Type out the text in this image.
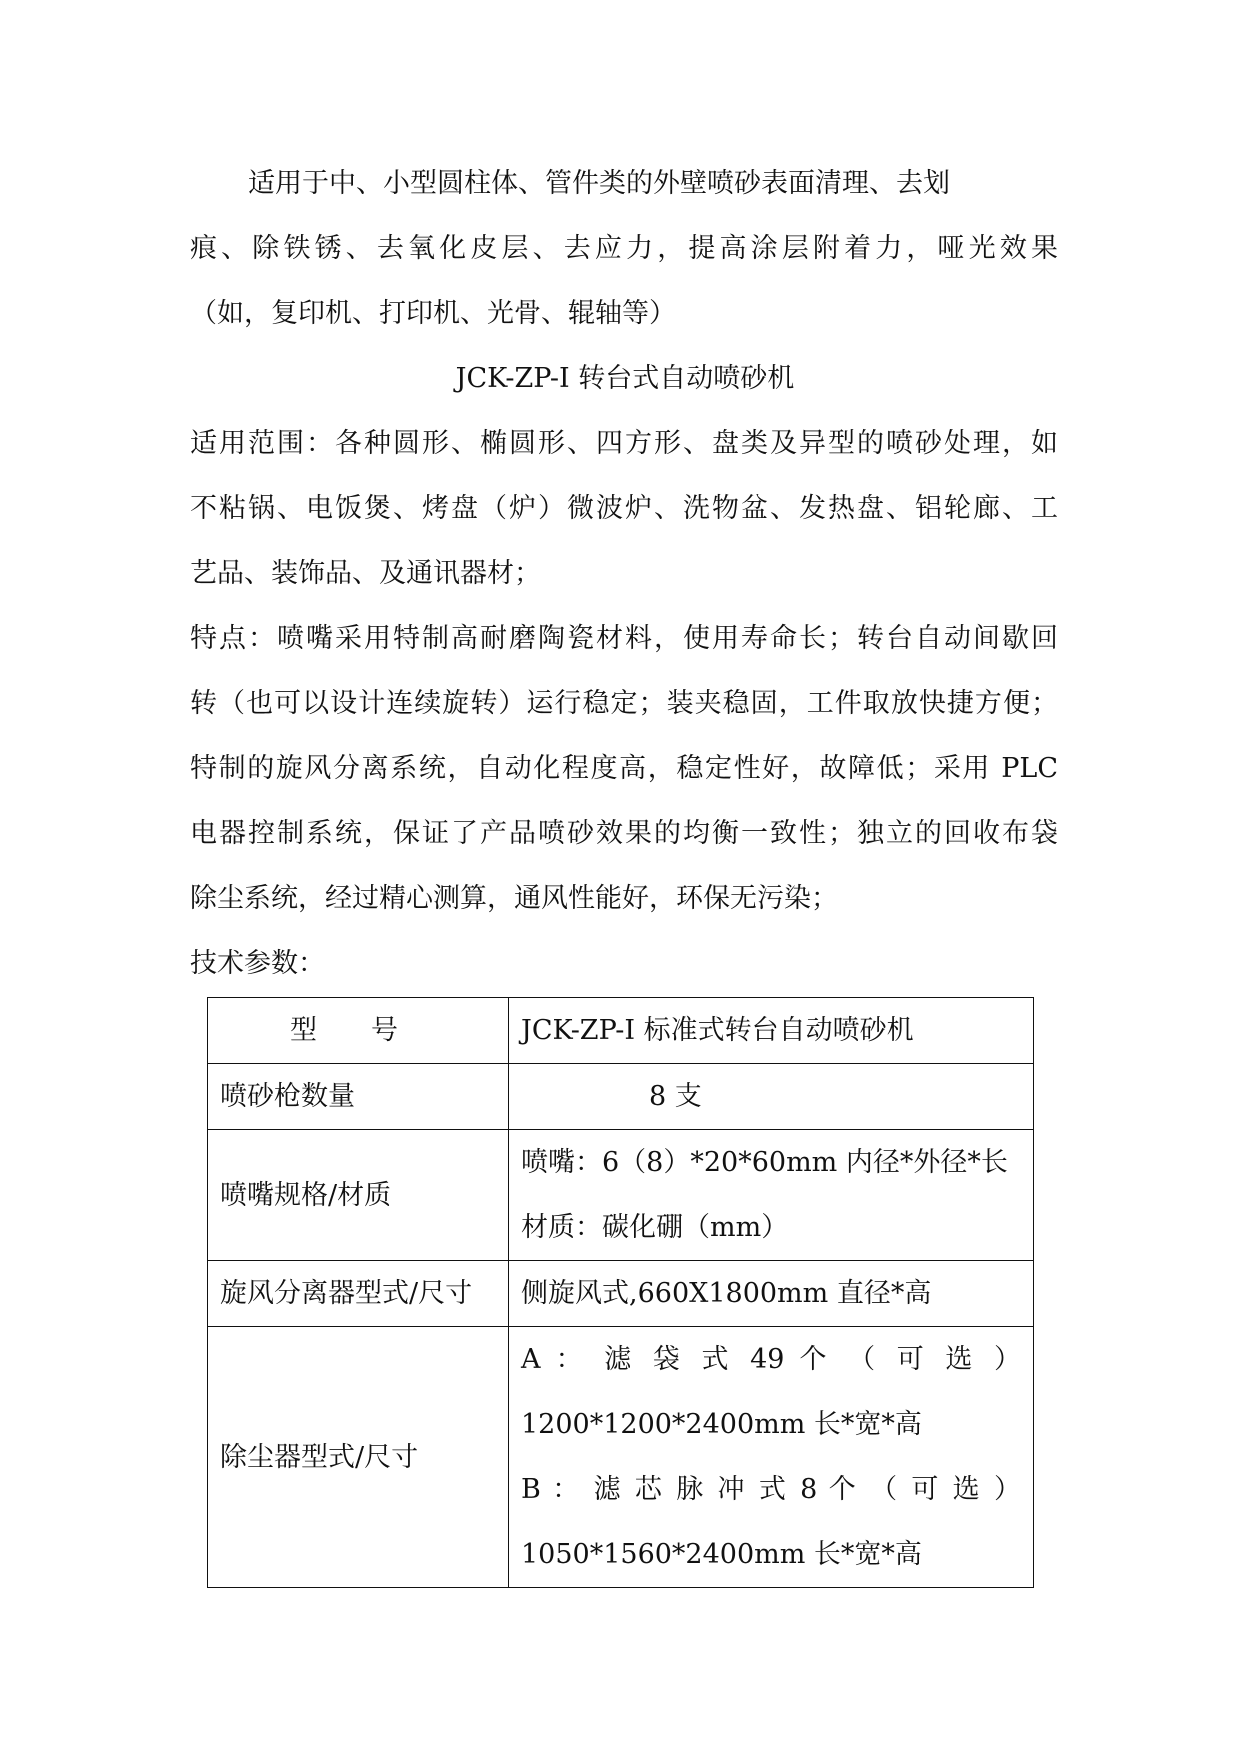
适用于中、小型圆柱体、管件类的外壁喷砂表面清理、去划
痕、除铁锈、去氧化皮层、去应力，提高涂层附着力，哑光效果
（如，复印机、打印机、光骨、辊轴等）
JCK-ZP-I 转台式自动喷砂机
适用范围：各种圆形、椭圆形、四方形、盘类及异型的喷砂处理，如
不粘锅、电饭煲、烤盘（炉）微波炉、洗物盆、发热盘、铝轮廊、工
艺品、装饰品、及通讯器材；
特点：喷嘴采用特制高耐磨陶瓷材料，使用寿命长；转台自动间歇回
转（也可以设计连续旋转）运行稳定；装夹稳固，工件取放快捷方便；
特制的旋风分离系统，自动化程度高，稳定性好，故障低；采用 PLC
电器控制系统，保证了产品喷砂效果的均衡一致性；独立的回收布袋
除尘系统，经过精心测算，通风性能好，环保无污染；
技术参数：
型　　号	JCK-ZP-I 标准式转台自动喷砂机

喷砂枪数量	8 支

喷嘴规格/材质	喷嘴：6（8）*20*60mm 内径*外径*长
材质：碳化硼（mm）

旋风分离器型式/尺寸	侧旋风式,660X1800mm 直径*高

除尘器型式/尺寸	A ： 滤 袋 式 49 个 （ 可 选 ）
1200*1200*2400mm 长*宽*高
B ： 滤 芯 脉 冲 式 8 个 （ 可 选 ）
1050*1560*2400mm 长*宽*高
